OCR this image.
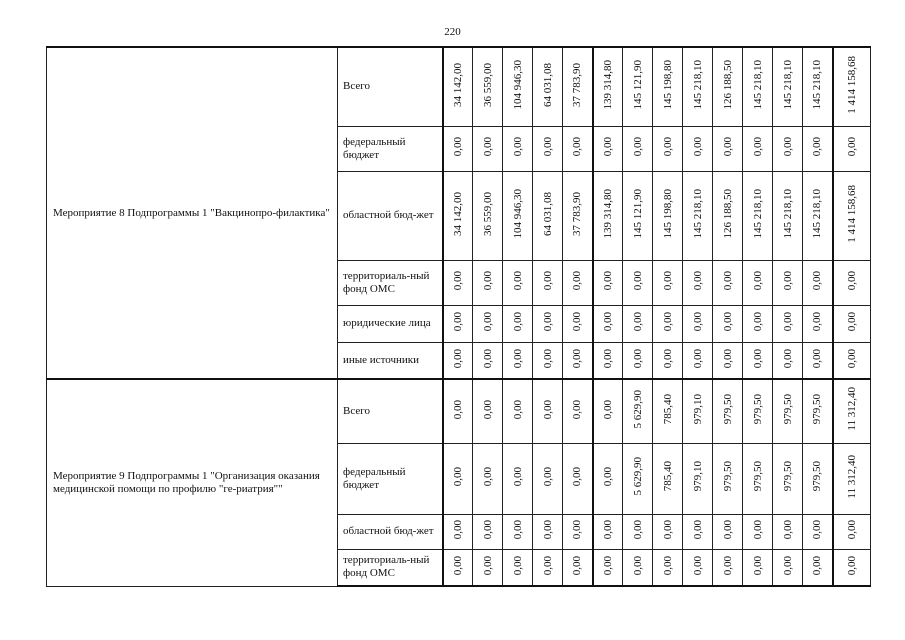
220
Мероприятие 8 Подпрограммы 1 "Вакцинопро-филактика"	Всего	34 142,00	36 559,00	104 946,30	64 031,08	37 783,90	139 314,80	145 121,90	145 198,80	145 218,10	126 188,50	145 218,10	145 218,10	145 218,10	1 414 158,68
	федеральный бюджет	0,00	0,00	0,00	0,00	0,00	0,00	0,00	0,00	0,00	0,00	0,00	0,00	0,00	0,00
	областной бюд-жет	34 142,00	36 559,00	104 946,30	64 031,08	37 783,90	139 314,80	145 121,90	145 198,80	145 218,10	126 188,50	145 218,10	145 218,10	145 218,10	1 414 158,68
	территориаль-ный фонд ОМС	0,00	0,00	0,00	0,00	0,00	0,00	0,00	0,00	0,00	0,00	0,00	0,00	0,00	0,00
	юридические лица	0,00	0,00	0,00	0,00	0,00	0,00	0,00	0,00	0,00	0,00	0,00	0,00	0,00	0,00
	иные источники	0,00	0,00	0,00	0,00	0,00	0,00	0,00	0,00	0,00	0,00	0,00	0,00	0,00	0,00
Мероприятие 9 Подпрограммы 1 "Организация оказания медицинской помощи по профилю "ге-риатрия""	Всего	0,00	0,00	0,00	0,00	0,00	0,00	5 629,90	785,40	979,10	979,50	979,50	979,50	979,50	11 312,40
	федеральный бюджет	0,00	0,00	0,00	0,00	0,00	0,00	5 629,90	785,40	979,10	979,50	979,50	979,50	979,50	11 312,40
	областной бюд-жет	0,00	0,00	0,00	0,00	0,00	0,00	0,00	0,00	0,00	0,00	0,00	0,00	0,00	0,00
	территориаль-ный фонд ОМС	0,00	0,00	0,00	0,00	0,00	0,00	0,00	0,00	0,00	0,00	0,00	0,00	0,00	0,00
